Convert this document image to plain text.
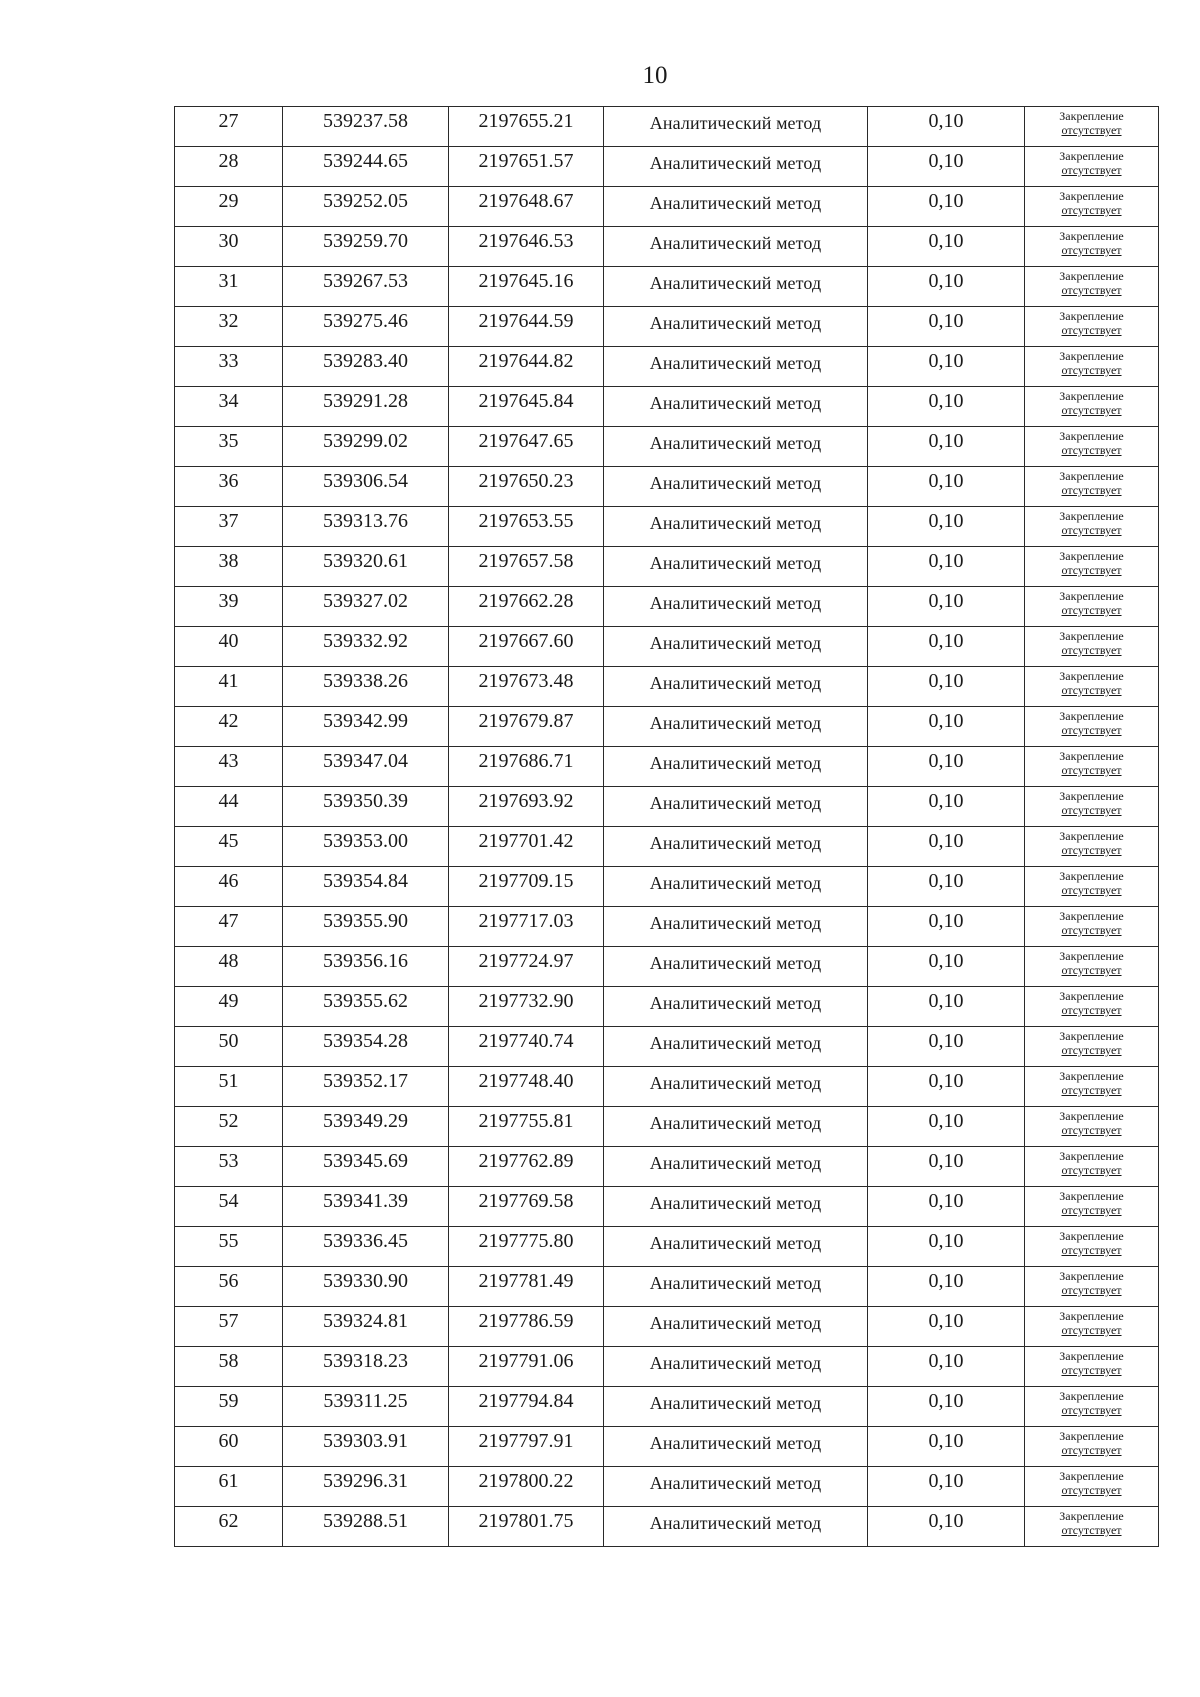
10
27	539237.58	2197655.21	Аналитический метод	0,10	Закрепление
отсутствует

28	539244.65	2197651.57	Аналитический метод	0,10	Закрепление
отсутствует

29	539252.05	2197648.67	Аналитический метод	0,10	Закрепление
отсутствует

30	539259.70	2197646.53	Аналитический метод	0,10	Закрепление
отсутствует

31	539267.53	2197645.16	Аналитический метод	0,10	Закрепление
отсутствует

32	539275.46	2197644.59	Аналитический метод	0,10	Закрепление
отсутствует

33	539283.40	2197644.82	Аналитический метод	0,10	Закрепление
отсутствует

34	539291.28	2197645.84	Аналитический метод	0,10	Закрепление
отсутствует

35	539299.02	2197647.65	Аналитический метод	0,10	Закрепление
отсутствует

36	539306.54	2197650.23	Аналитический метод	0,10	Закрепление
отсутствует

37	539313.76	2197653.55	Аналитический метод	0,10	Закрепление
отсутствует

38	539320.61	2197657.58	Аналитический метод	0,10	Закрепление
отсутствует

39	539327.02	2197662.28	Аналитический метод	0,10	Закрепление
отсутствует

40	539332.92	2197667.60	Аналитический метод	0,10	Закрепление
отсутствует

41	539338.26	2197673.48	Аналитический метод	0,10	Закрепление
отсутствует

42	539342.99	2197679.87	Аналитический метод	0,10	Закрепление
отсутствует

43	539347.04	2197686.71	Аналитический метод	0,10	Закрепление
отсутствует

44	539350.39	2197693.92	Аналитический метод	0,10	Закрепление
отсутствует

45	539353.00	2197701.42	Аналитический метод	0,10	Закрепление
отсутствует

46	539354.84	2197709.15	Аналитический метод	0,10	Закрепление
отсутствует

47	539355.90	2197717.03	Аналитический метод	0,10	Закрепление
отсутствует

48	539356.16	2197724.97	Аналитический метод	0,10	Закрепление
отсутствует

49	539355.62	2197732.90	Аналитический метод	0,10	Закрепление
отсутствует

50	539354.28	2197740.74	Аналитический метод	0,10	Закрепление
отсутствует

51	539352.17	2197748.40	Аналитический метод	0,10	Закрепление
отсутствует

52	539349.29	2197755.81	Аналитический метод	0,10	Закрепление
отсутствует

53	539345.69	2197762.89	Аналитический метод	0,10	Закрепление
отсутствует

54	539341.39	2197769.58	Аналитический метод	0,10	Закрепление
отсутствует

55	539336.45	2197775.80	Аналитический метод	0,10	Закрепление
отсутствует

56	539330.90	2197781.49	Аналитический метод	0,10	Закрепление
отсутствует

57	539324.81	2197786.59	Аналитический метод	0,10	Закрепление
отсутствует

58	539318.23	2197791.06	Аналитический метод	0,10	Закрепление
отсутствует

59	539311.25	2197794.84	Аналитический метод	0,10	Закрепление
отсутствует

60	539303.91	2197797.91	Аналитический метод	0,10	Закрепление
отсутствует

61	539296.31	2197800.22	Аналитический метод	0,10	Закрепление
отсутствует

62	539288.51	2197801.75	Аналитический метод	0,10	Закрепление
отсутствует
